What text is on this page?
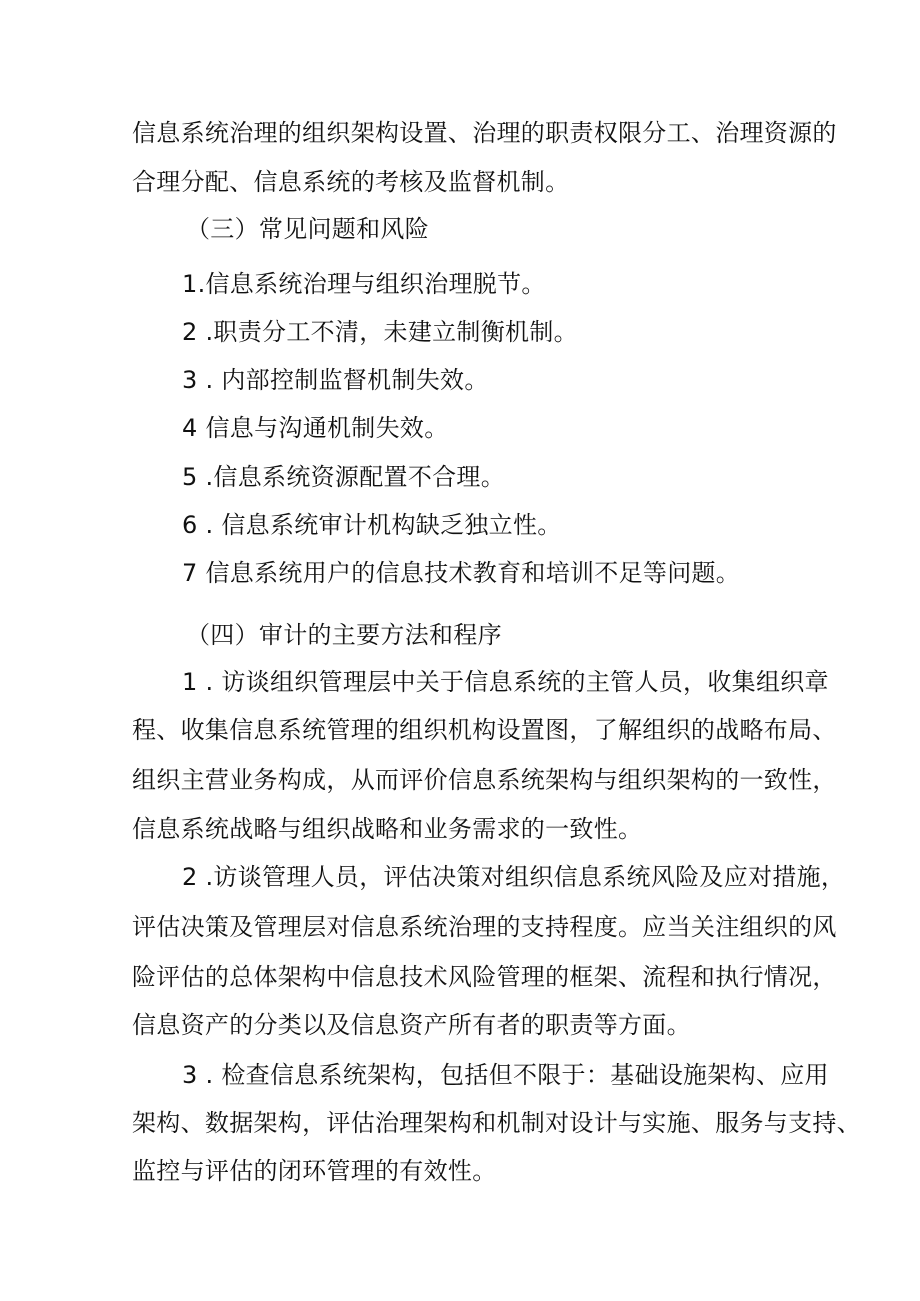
信息系统治理的组织架构设置、治理的职责权限分工、治理资源的
合理分配、信息系统的考核及监督机制。
（三）常见问题和风险
1.信息系统治理与组织治理脱节。
2 .职责分工不清，未建立制衡机制。
3 . 内部控制监督机制失效。
4 信息与沟通机制失效。
5 .信息系统资源配置不合理。
6 . 信息系统审计机构缺乏独立性。
7 信息系统用户的信息技术教育和培训不足等问题。
（四）审计的主要方法和程序
1 . 访谈组织管理层中关于信息系统的主管人员，收集组织章
程、收集信息系统管理的组织机构设置图，了解组织的战略布局、
组织主营业务构成，从而评价信息系统架构与组织架构的一致性，
信息系统战略与组织战略和业务需求的一致性。
2 .访谈管理人员，评估决策对组织信息系统风险及应对措施，
评估决策及管理层对信息系统治理的支持程度。应当关注组织的风
险评估的总体架构中信息技术风险管理的框架、流程和执行情况，
信息资产的分类以及信息资产所有者的职责等方面。
3 . 检查信息系统架构，包括但不限于：基础设施架构、应用
架构、数据架构，评估治理架构和机制对设计与实施、服务与支持、
监控与评估的闭环管理的有效性。
